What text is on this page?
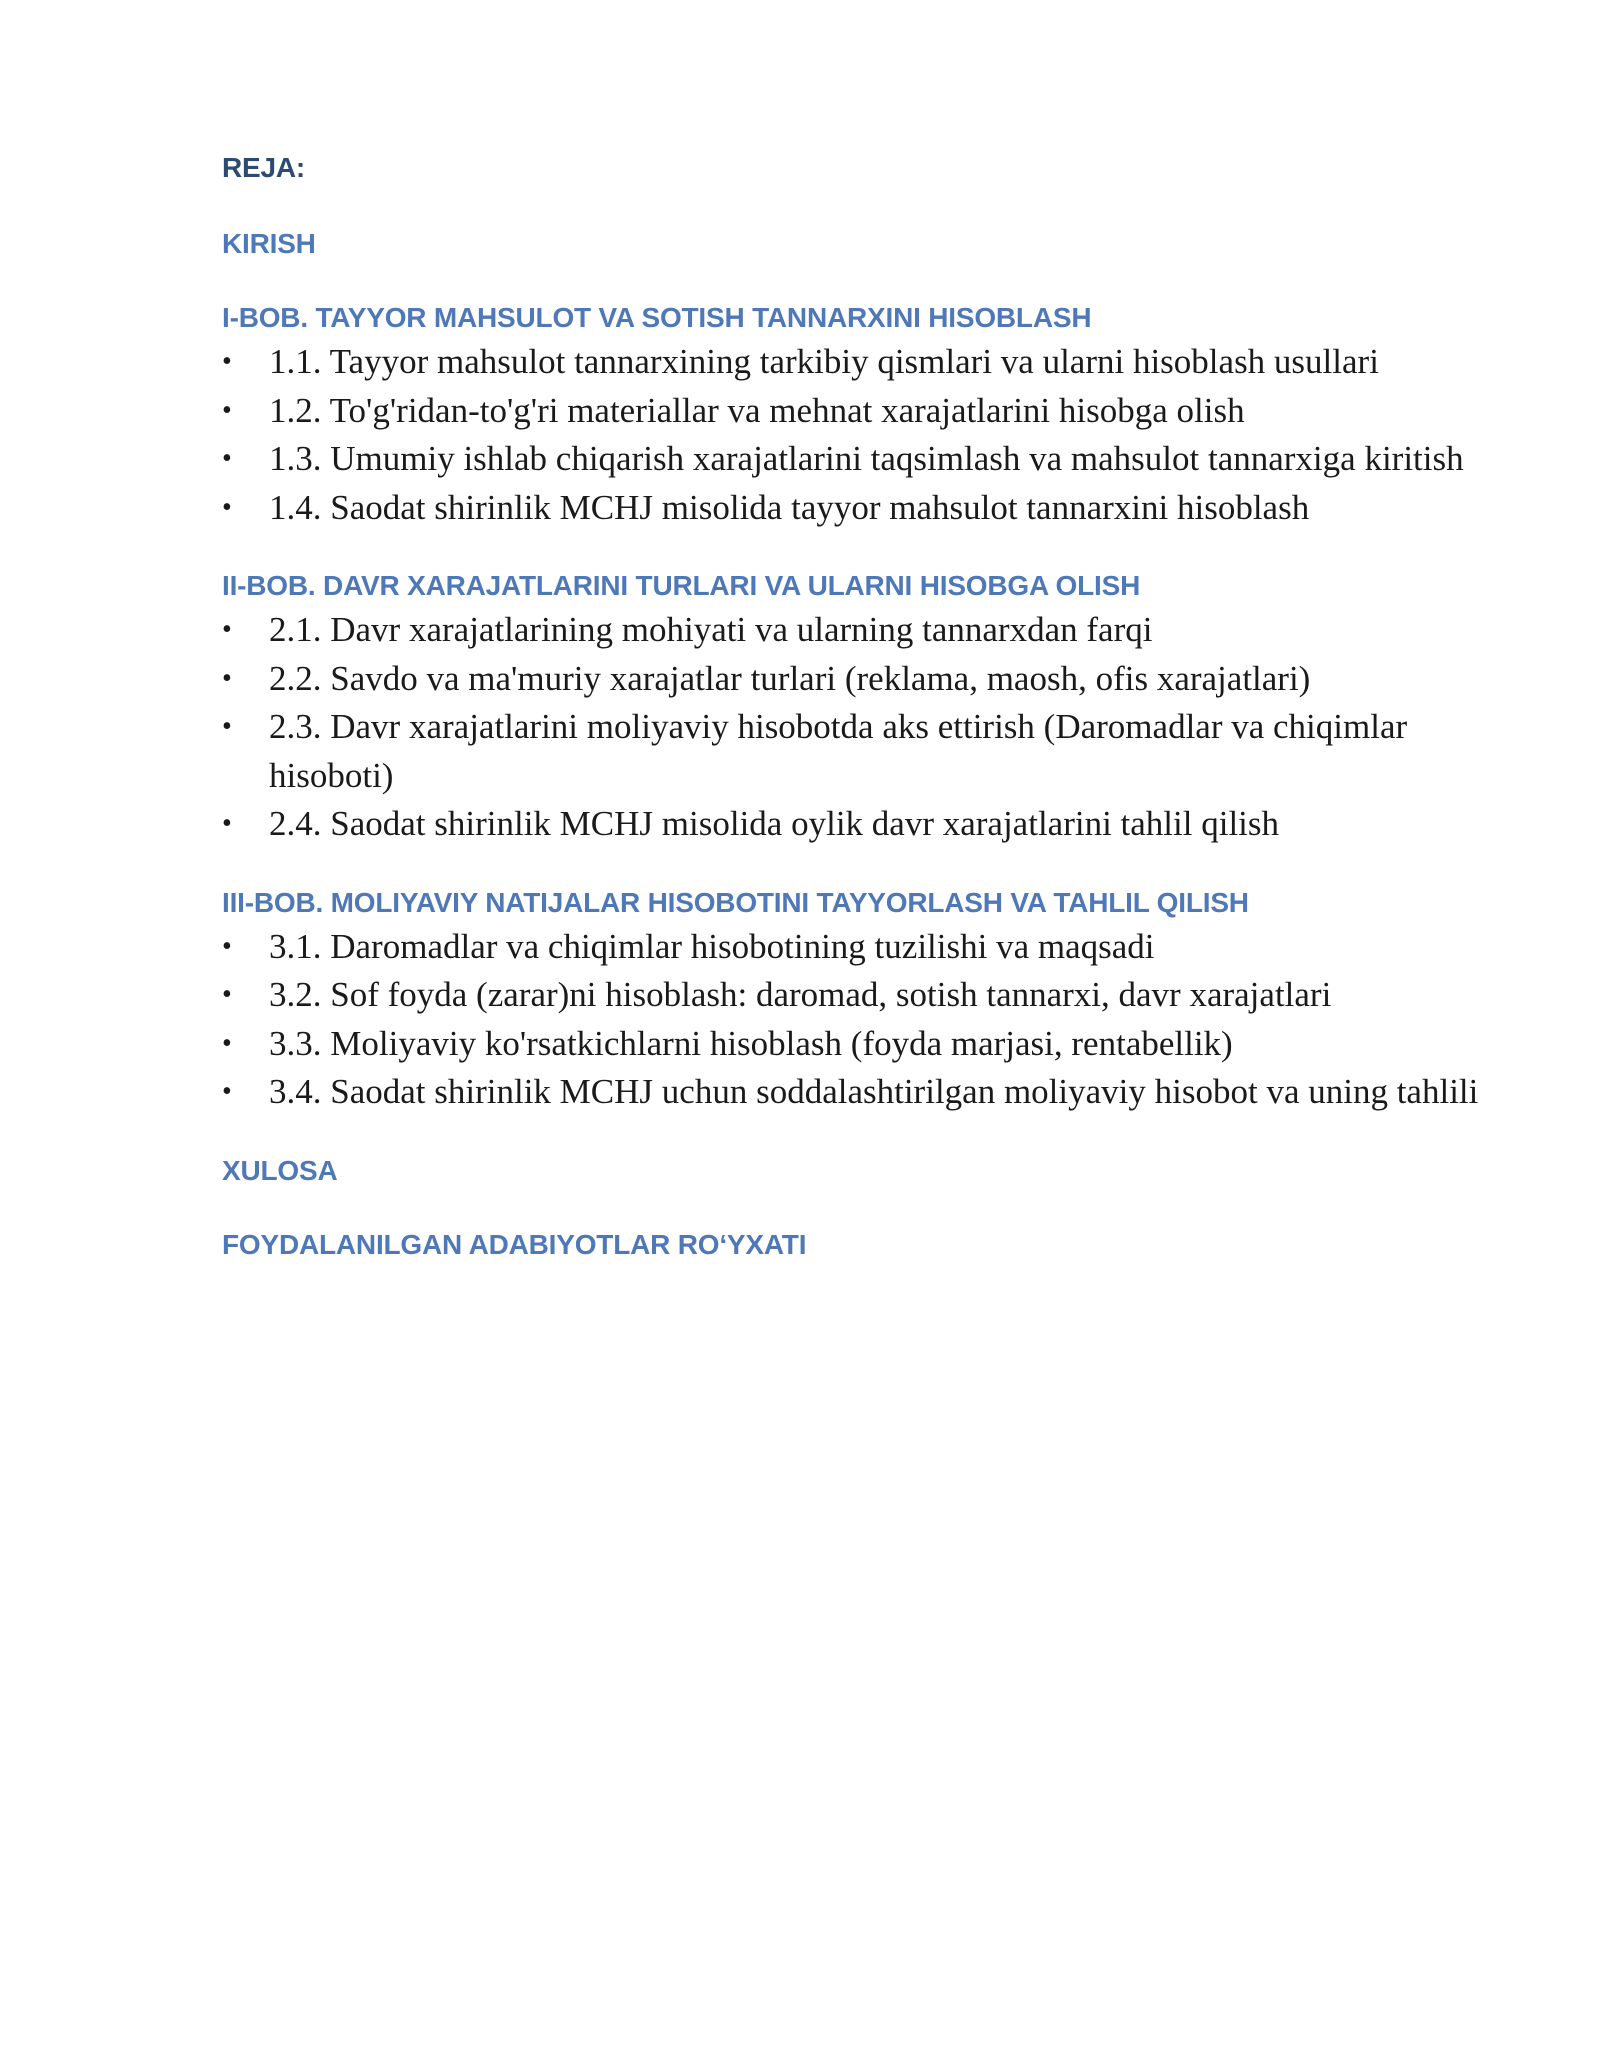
REJA:
KIRISH
I-BOB. TAYYOR MAHSULOT VA SOTISH TANNARXINI HISOBLASH
• 1.1. Tayyor mahsulot tannarxining tarkibiy qismlari va ularni hisoblash usullari
• 1.2. To'g'ridan-to'g'ri materiallar va mehnat xarajatlarini hisobga olish
• 1.3. Umumiy ishlab chiqarish xarajatlarini taqsimlash va mahsulot tannarxiga kiritish
• 1.4. Saodat shirinlik MCHJ misolida tayyor mahsulot tannarxini hisoblash
II-BOB. DAVR XARAJATLARINI TURLARI VA ULARNI HISOBGA OLISH
• 2.1. Davr xarajatlarining mohiyati va ularning tannarxdan farqi
• 2.2. Savdo va ma'muriy xarajatlar turlari (reklama, maosh, ofis xarajatlari)
• 2.3. Davr xarajatlarini moliyaviy hisobotda aks ettirish (Daromadlar va chiqimlar hisoboti)
• 2.4. Saodat shirinlik MCHJ misolida oylik davr xarajatlarini tahlil qilish
III-BOB. MOLIYAVIY NATIJALAR HISOBOTINI TAYYORLASH VA TAHLIL QILISH
• 3.1. Daromadlar va chiqimlar hisobotining tuzilishi va maqsadi
• 3.2. Sof foyda (zarar)ni hisoblash: daromad, sotish tannarxi, davr xarajatlari
• 3.3. Moliyaviy ko'rsatkichlarni hisoblash (foyda marjasi, rentabellik)
• 3.4. Saodat shirinlik MCHJ uchun soddalashtirilgan moliyaviy hisobot va uning tahlili
XULOSA
FOYDALANILGAN ADABIYOTLAR RO‘YXATI
